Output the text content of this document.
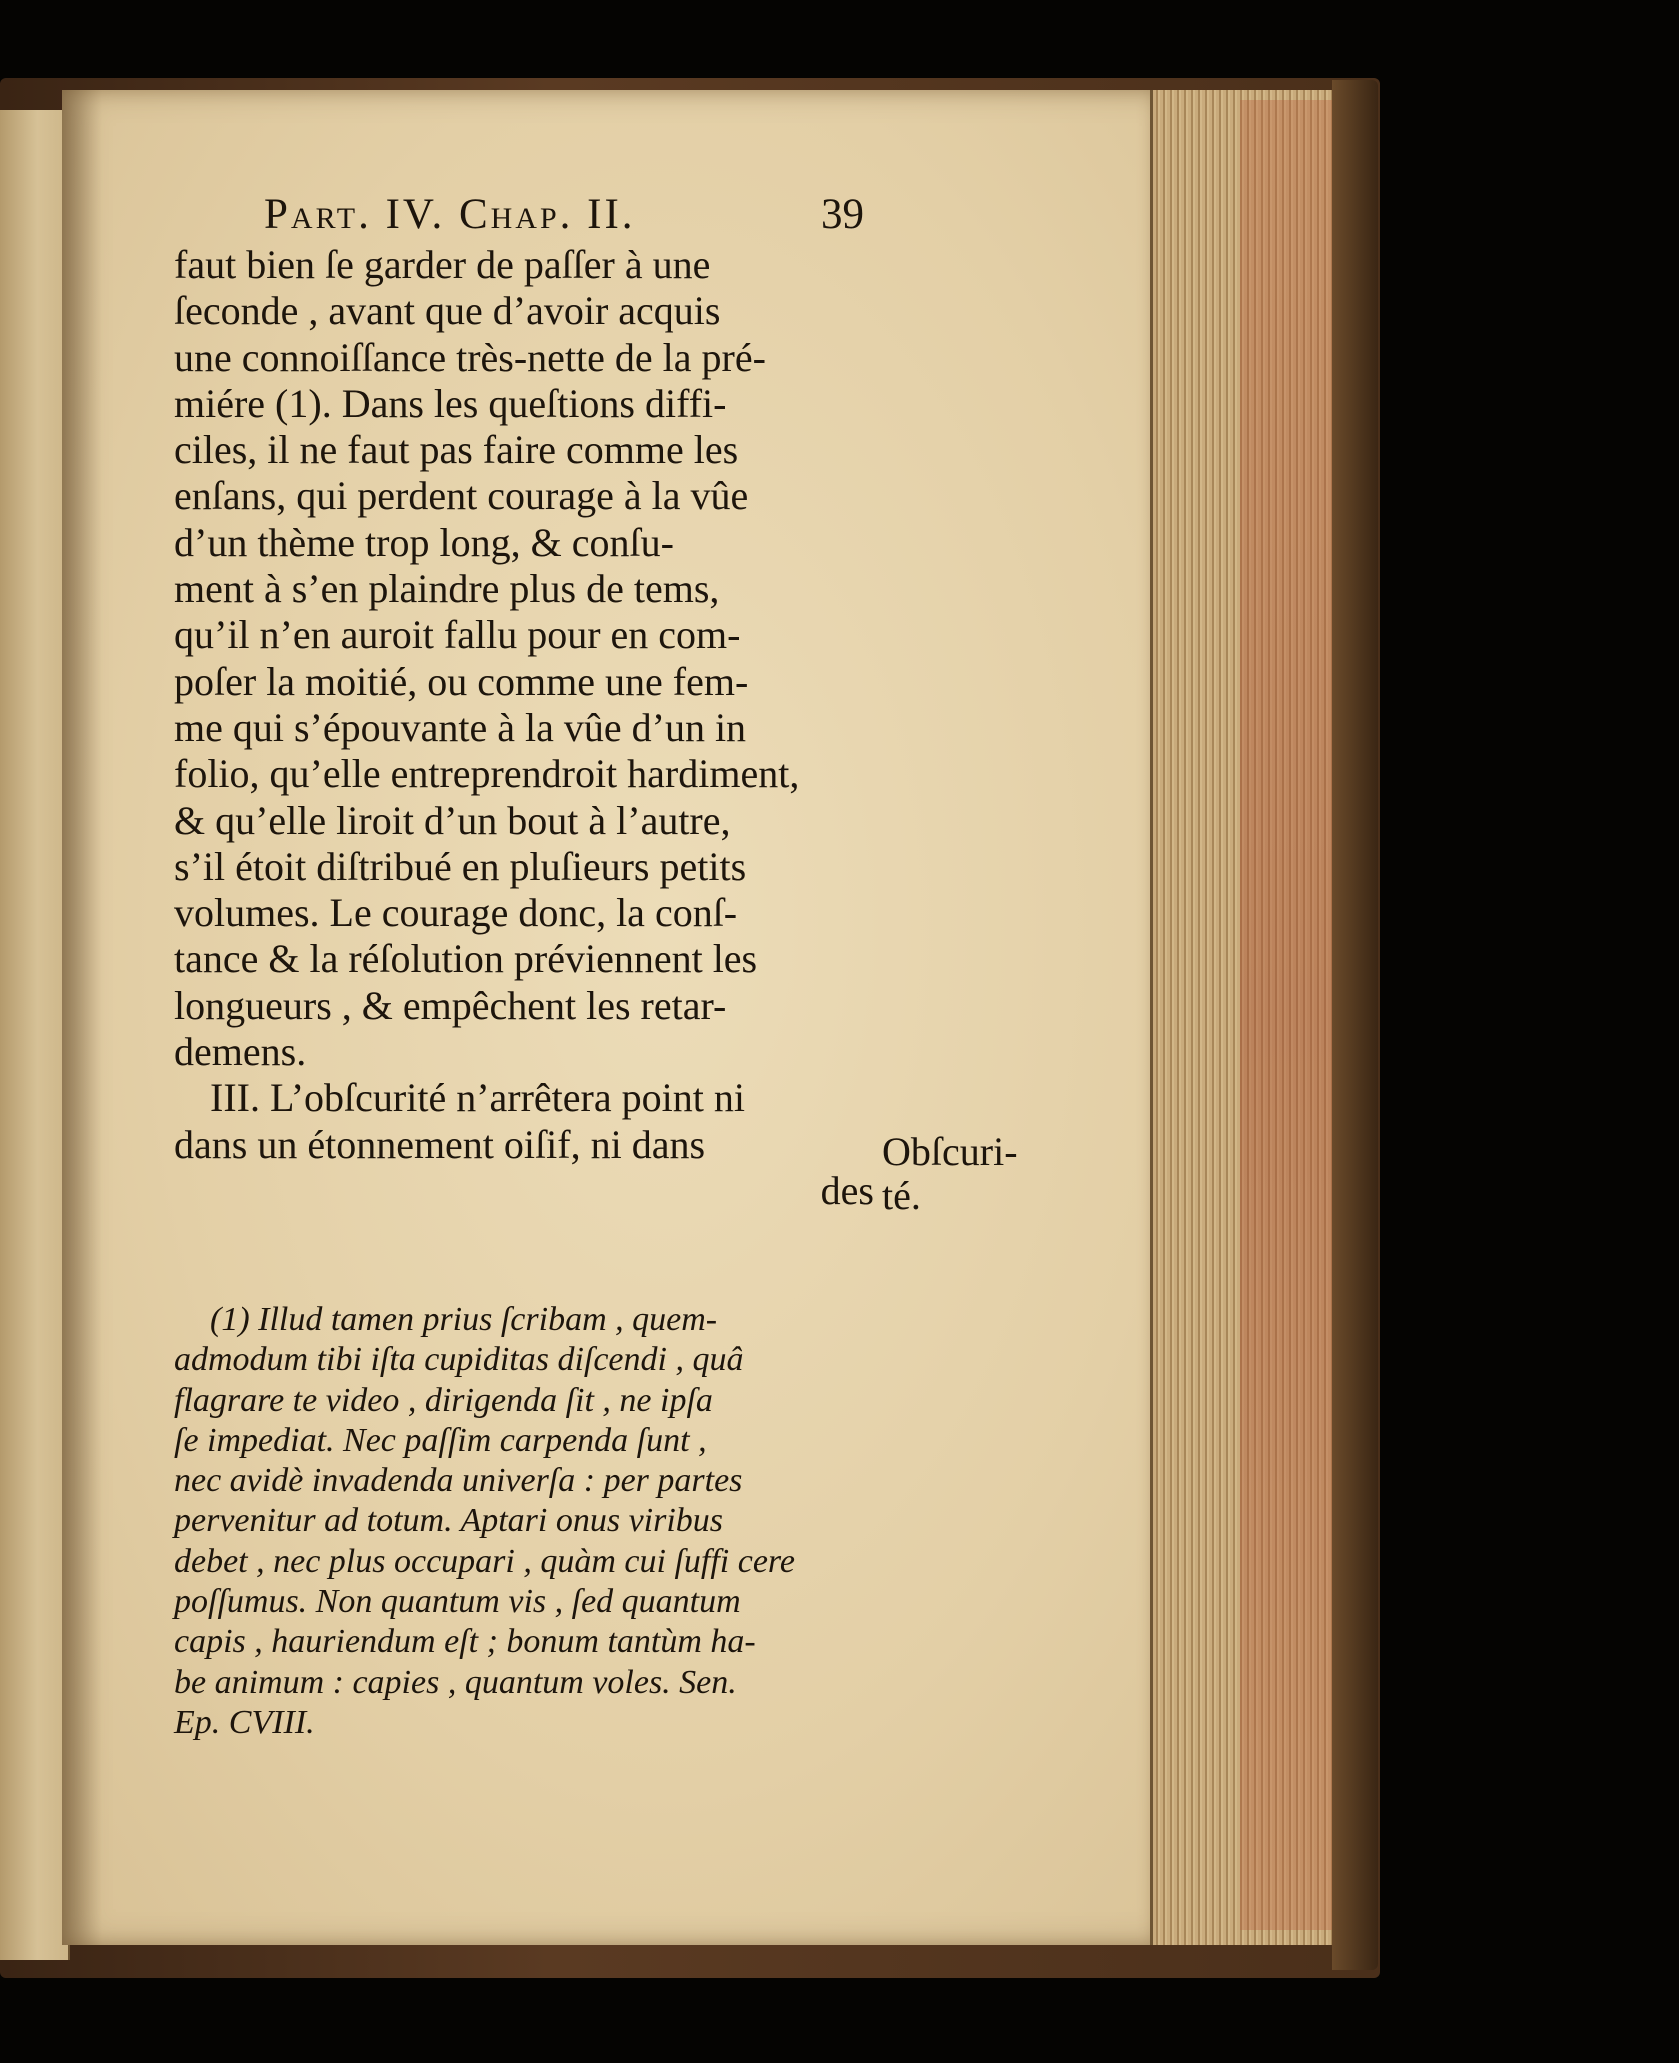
Part. IV. Chap. II.	39
faut bien ſe garder de paſſer à une
ſeconde , avant que d’avoir acquis
une connoiſſance très-nette de la pré-
miére (1). Dans les queſtions diffi-
ciles, il ne faut pas faire comme les
enſans, qui perdent courage à la vûe
d’un thème trop long, & conſu-
ment à s’en plaindre plus de tems,
qu’il n’en auroit fallu pour en com-
poſer la moitié, ou comme une fem-
me qui s’épouvante à la vûe d’un in
folio, qu’elle entreprendroit hardiment,
& qu’elle liroit d’un bout à l’autre,
s’il étoit diſtribué en pluſieurs petits
volumes. Le courage donc, la conſ-
tance & la réſolution préviennent les
longueurs , & empêchent les retar-
demens.
III. L’obſcurité n’arrêtera point ni
dans un étonnement oiſif, ni dans
des
Obſcuri-
té.
(1) Illud tamen prius ſcribam , quem-
admodum tibi iſta cupiditas diſcendi , quâ
flagrare te video , dirigenda ſit , ne ipſa
ſe impediat. Nec paſſim carpenda ſunt ,
nec avidè invadenda univerſa : per partes
pervenitur ad totum. Aptari onus viribus
debet , nec plus occupari , quàm cui ſuffi cere
poſſumus. Non quantum vis , ſed quantum
capis , hauriendum eſt ; bonum tantùm ha-
be animum : capies , quantum voles. Sen.
Ep. CVIII.
